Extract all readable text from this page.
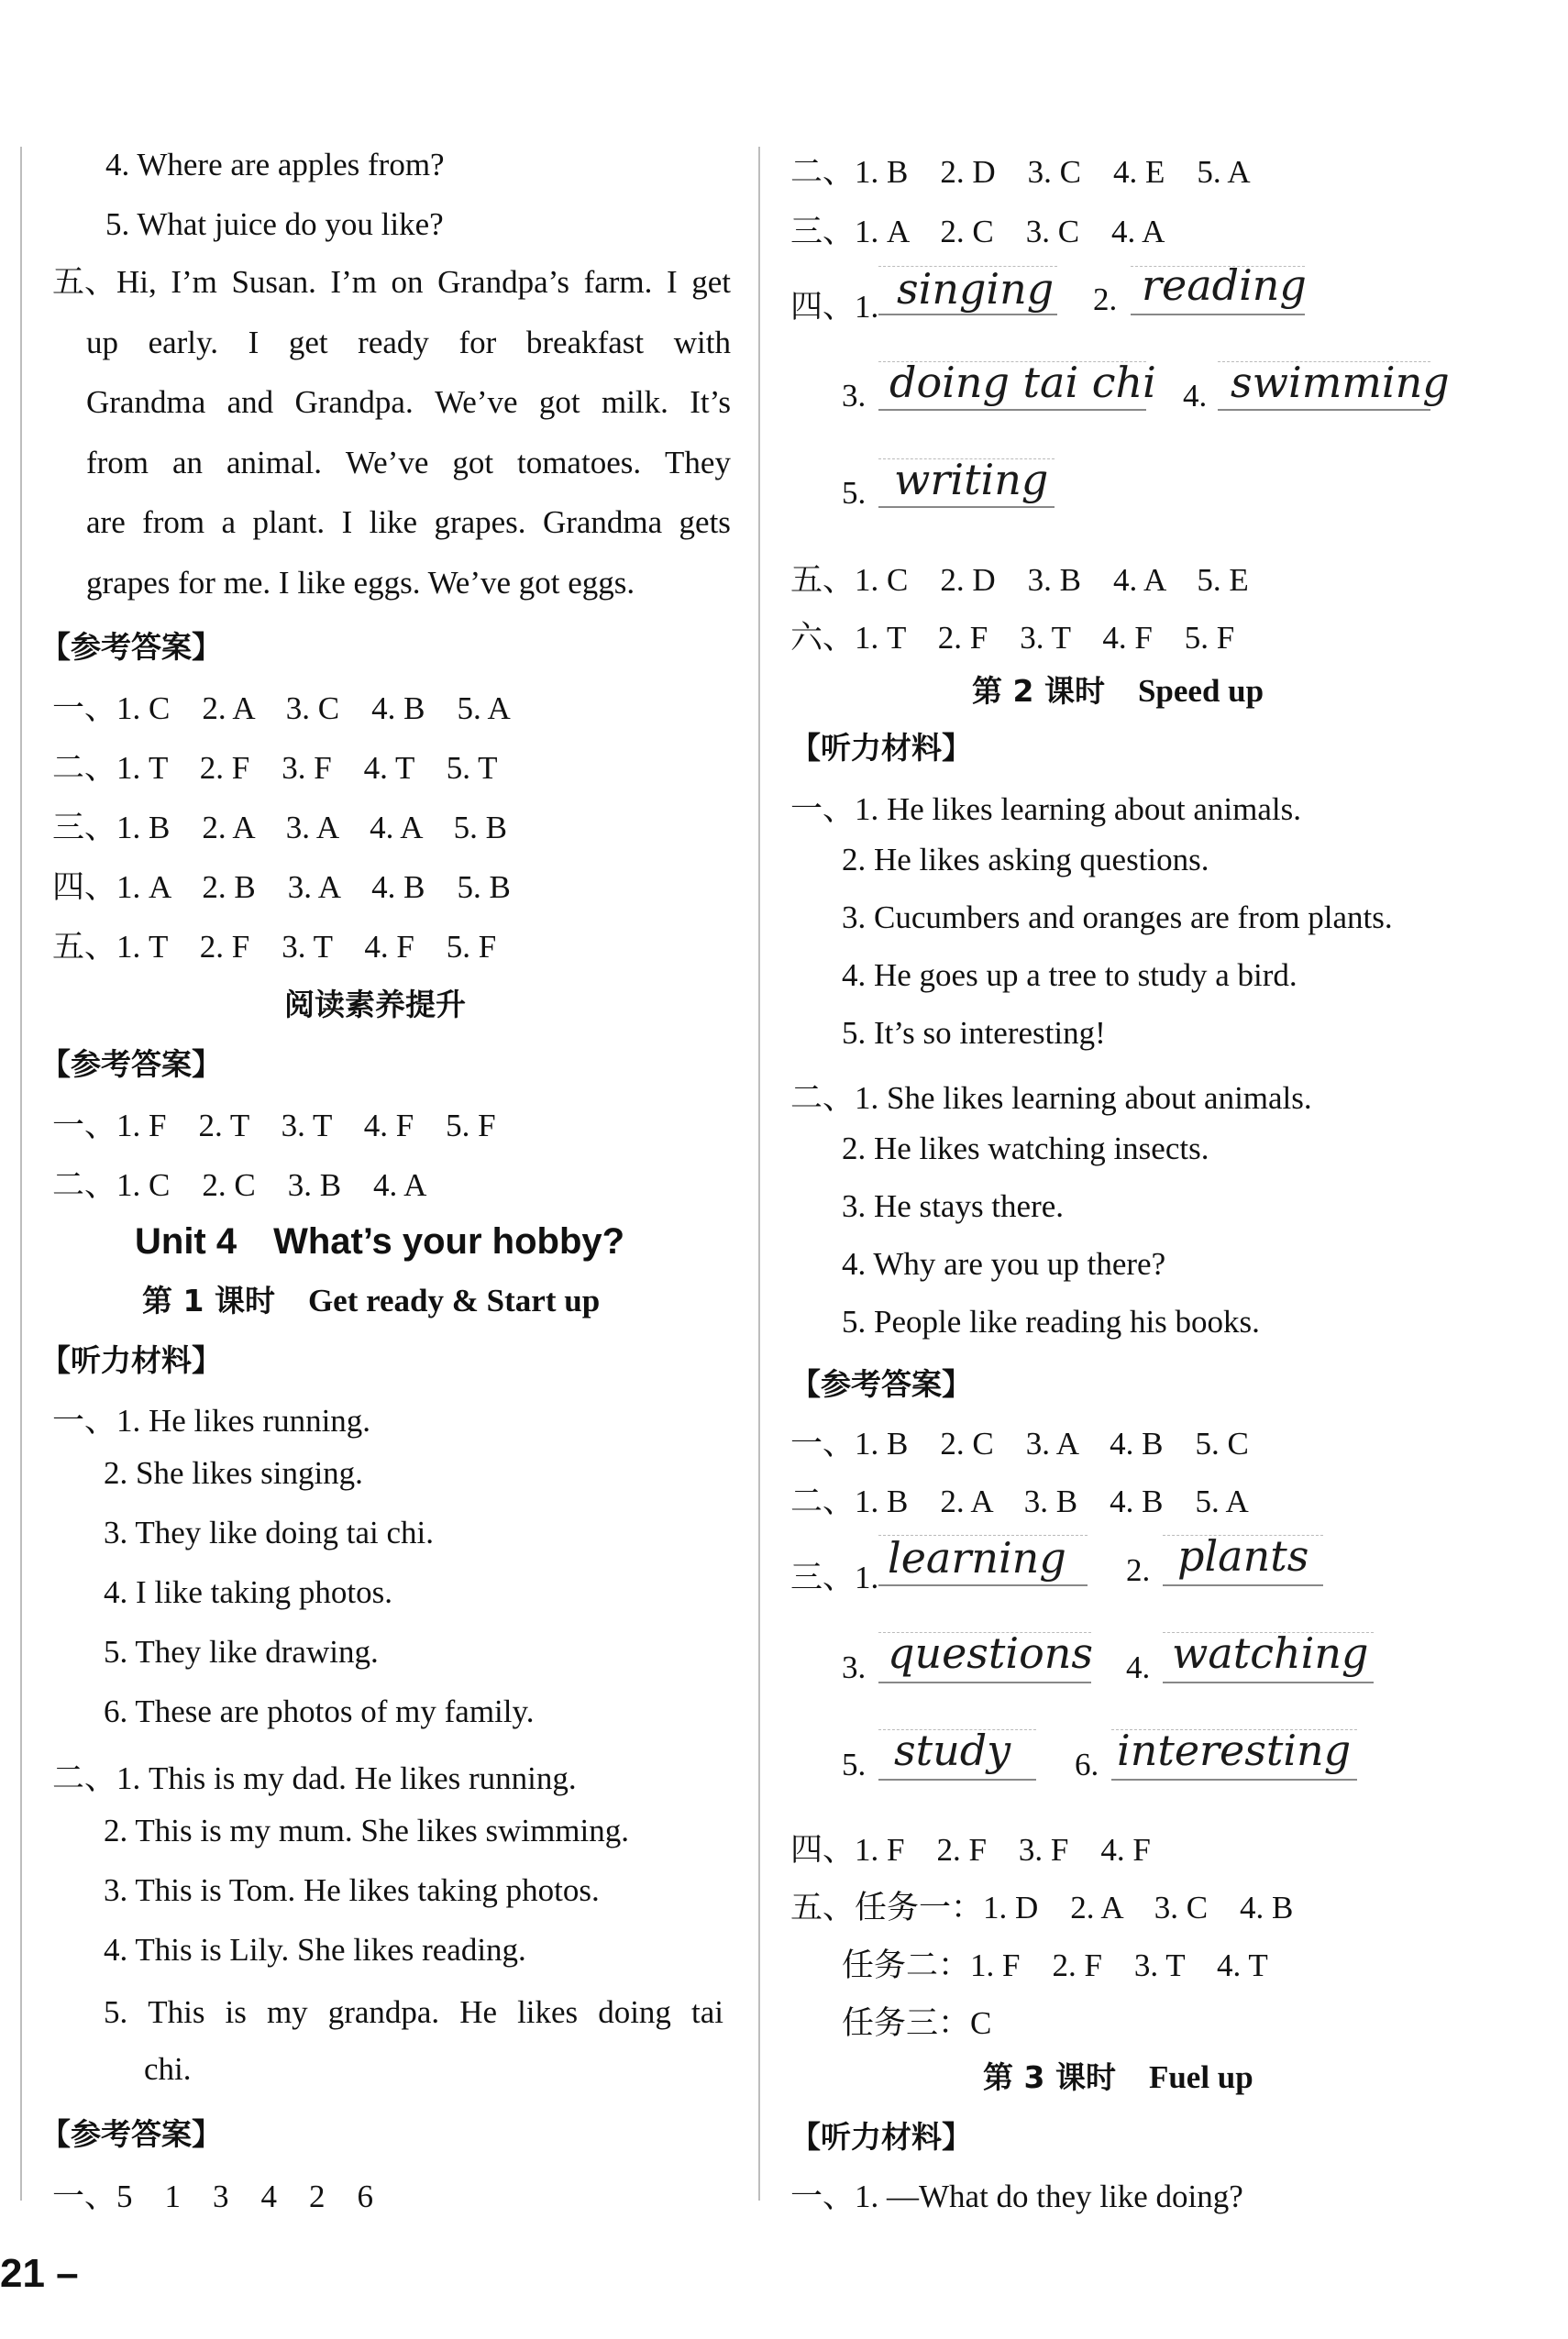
4. Where are apples from?
5. What juice do you like?
五、Hi, I’m Susan. I’m on Grandpa’s farm. I get
up early. I get ready for breakfast with
Grandma and Grandpa. We’ve got milk. It’s
from an animal. We’ve got tomatoes. They
are from a plant. I like grapes. Grandma gets
grapes for me. I like eggs. We’ve got eggs.
【参考答案】
一、1. C　2. A　3. C　4. B　5. A
二、1. T　2. F　3. F　4. T　5. T
三、1. B　2. A　3. A　4. A　5. B
四、1. A　2. B　3. A　4. B　5. B
五、1. T　2. F　3. T　4. F　5. F
阅读素养提升
【参考答案】
一、1. F　2. T　3. T　4. F　5. F
二、1. C　2. C　3. B　4. A
Unit 4　What’s your hobby?
第 1 课时 Get ready & Start up
【听力材料】
一、1. He likes running.
2. She likes singing.
3. They like doing tai chi.
4. I like taking photos.
5. They like drawing.
6. These are photos of my family.
二、1. This is my dad. He likes running.
2. This is my mum. She likes swimming.
3. This is Tom. He likes taking photos.
4. This is Lily. She likes reading.
5. This is my grandpa. He likes doing tai
chi.
【参考答案】
一、5　1　3　4　2　6
二、1. B　2. D　3. C　4. E　5. A
三、1. A　2. C　3. C　4. A
四、1. singing 2. reading
3. doing tai chi 4. swimming
5. writing
五、1. C　2. D　3. B　4. A　5. E
六、1. T　2. F　3. T　4. F　5. F
第 2 课时 Speed up
【听力材料】
一、1. He likes learning about animals.
2. He likes asking questions.
3. Cucumbers and oranges are from plants.
4. He goes up a tree to study a bird.
5. It’s so interesting!
二、1. She likes learning about animals.
2. He likes watching insects.
3. He stays there.
4. Why are you up there?
5. People like reading his books.
【参考答案】
一、1. B　2. C　3. A　4. B　5. C
二、1. B　2. A　3. B　4. B　5. A
三、1. learning 2. plants
3. questions 4. watching
5. study 6. interesting
四、1. F　2. F　3. F　4. F
五、任务一：1. D　2. A　3. C　4. B
任务二：1. F　2. F　3. T　4. T
任务三：C
第 3 课时 Fuel up
【听力材料】
一、1. —What do they like doing?
21 –
